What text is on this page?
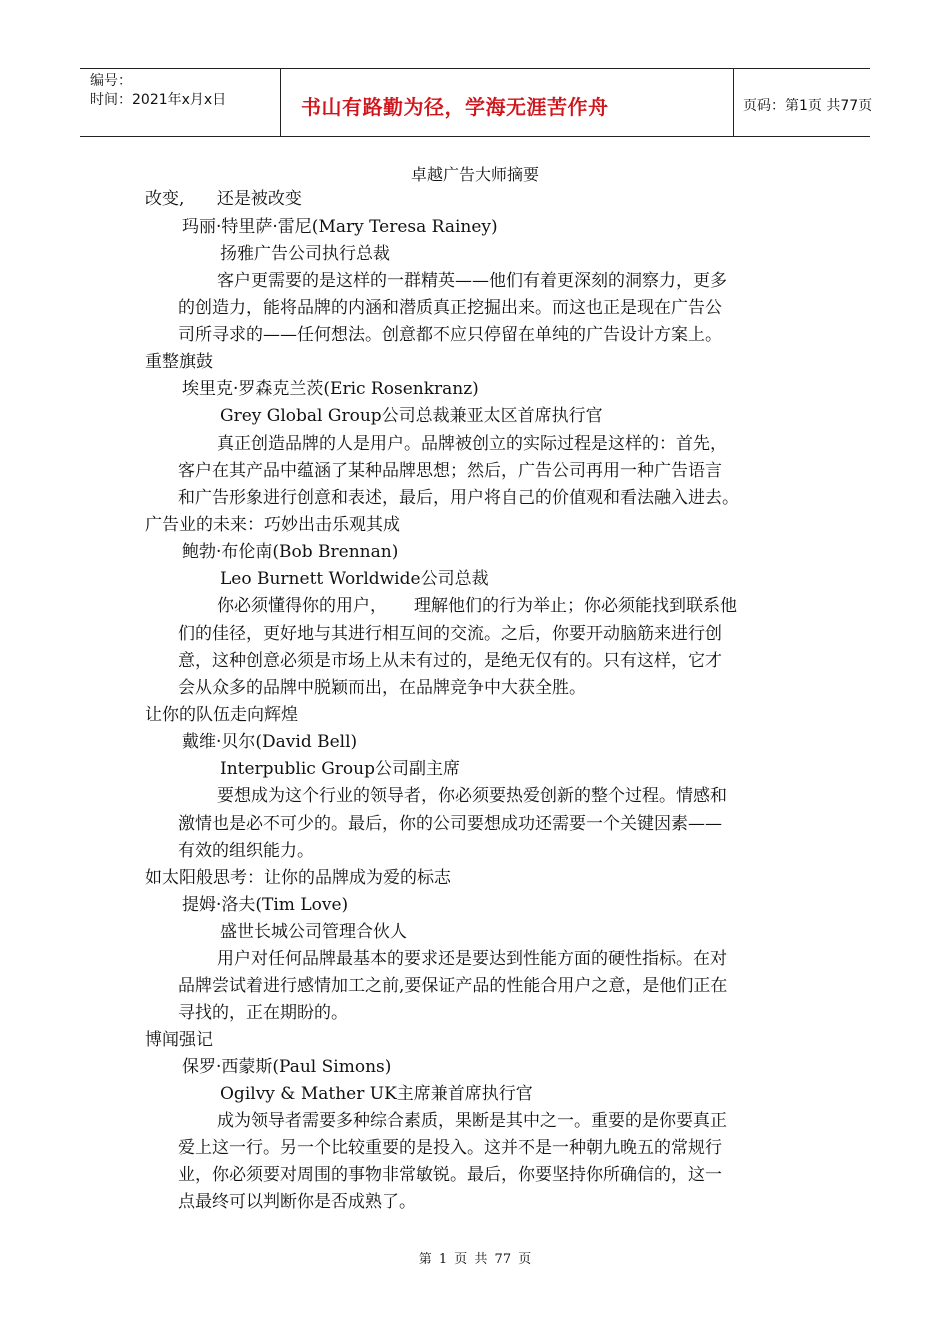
编号：
时间：2021年x月x日	书山有路勤为径，学海无涯苦作舟	页码：第1页 共77页
卓越广告大师摘要
改变,      还是被改变
玛丽·特里萨·雷尼(Mary Teresa Rainey)
扬雅广告公司执行总裁
客户更需要的是这样的一群精英——他们有着更深刻的洞察力，更多
的创造力，能将品牌的内涵和潜质真正挖掘出来。而这也正是现在广告公
司所寻求的——任何想法。创意都不应只停留在单纯的广告设计方案上。
重整旗鼓
埃里克·罗森克兰茨(Eric Rosenkranz)
Grey Global Group公司总裁兼亚太区首席执行官
真正创造品牌的人是用户。品牌被创立的实际过程是这样的：首先，
客户在其产品中蕴涵了某种品牌思想；然后，广告公司再用一种广告语言
和广告形象进行创意和表述，最后，用户将自己的价值观和看法融入进去。
广告业的未来：巧妙出击乐观其成
鲍勃·布伦南(Bob Brennan)
Leo Burnett Worldwide公司总裁
你必须懂得你的用户，     理解他们的行为举止；你必须能找到联系他
们的佳径，更好地与其进行相互间的交流。之后，你要开动脑筋来进行创
意，这种创意必须是市场上从未有过的，是绝无仅有的。只有这样，它才
会从众多的品牌中脱颖而出，在品牌竞争中大获全胜。
让你的队伍走向辉煌
戴维·贝尔(David Bell)
Interpublic Group公司副主席
要想成为这个行业的领导者，你必须要热爱创新的整个过程。情感和
激情也是必不可少的。最后，你的公司要想成功还需要一个关键因素——
有效的组织能力。
如太阳般思考：让你的品牌成为爱的标志
提姆·洛夫(Tim Love)
盛世长城公司管理合伙人
用户对任何品牌最基本的要求还是要达到性能方面的硬性指标。在对
品牌尝试着进行感情加工之前,要保证产品的性能合用户之意，是他们正在
寻找的，正在期盼的。
博闻强记
保罗·西蒙斯(Paul Simons)
Ogilvy & Mather UK主席兼首席执行官
成为领导者需要多种综合素质，果断是其中之一。重要的是你要真正
爱上这一行。另一个比较重要的是投入。这并不是一种朝九晚五的常规行
业，你必须要对周围的事物非常敏锐。最后，你要坚持你所确信的，这一
点最终可以判断你是否成熟了。
第 1 页 共 77 页
